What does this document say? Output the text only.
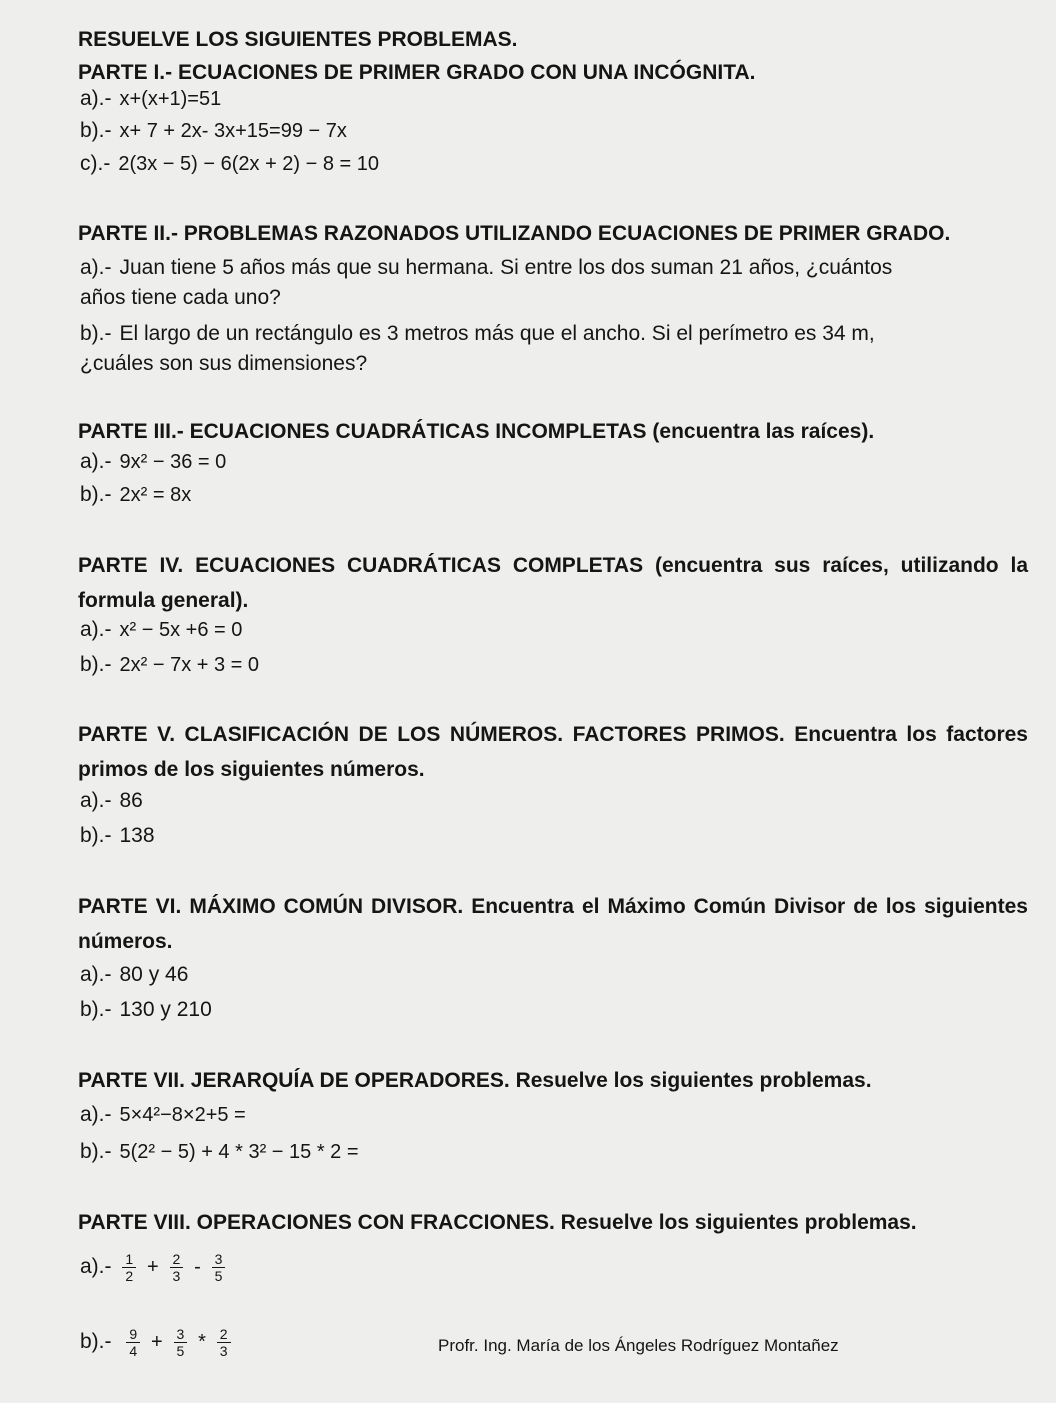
RESUELVE LOS SIGUIENTES PROBLEMAS.
PARTE I.- ECUACIONES DE PRIMER GRADO CON UNA INCÓGNITA.
a).- x+(x+1)=51
b).- x+ 7 + 2x- 3x+15=99 − 7x
c).- 2(3x − 5) − 6(2x + 2) − 8 = 10
PARTE II.- PROBLEMAS RAZONADOS UTILIZANDO ECUACIONES DE PRIMER GRADO.
a).- Juan tiene 5 años más que su hermana. Si entre los dos suman 21 años, ¿cuántos
años tiene cada uno?
b).- El largo de un rectángulo es 3 metros más que el ancho. Si el perímetro es 34 m,
¿cuáles son sus dimensiones?
PARTE III.- ECUACIONES CUADRÁTICAS INCOMPLETAS (encuentra las raíces).
a).- 9x² − 36 = 0
b).- 2x² = 8x
PARTE IV. ECUACIONES CUADRÁTICAS COMPLETAS (encuentra sus raíces, utilizando la formula general).
a).- x² − 5x +6 = 0
b).- 2x² − 7x + 3 = 0
PARTE V. CLASIFICACIÓN DE LOS NÚMEROS. FACTORES PRIMOS. Encuentra los factores primos de los siguientes números.
a).- 86
b).- 138
PARTE VI. MÁXIMO COMÚN DIVISOR. Encuentra el Máximo Común Divisor de los siguientes números.
a).- 80 y 46
b).- 130 y 210
PARTE VII. JERARQUÍA DE OPERADORES. Resuelve los siguientes problemas.
a).- 5×4²−8×2+5 =
b).- 5(2² − 5) + 4 * 3² − 15 * 2 =
PARTE VIII. OPERACIONES CON FRACCIONES. Resuelve los siguientes problemas.
$a).- \frac{1}{2} + \frac{2}{3} - \frac{3}{5}$
$b).- \frac{9}{4} + \frac{3}{5} * \frac{2}{3}$	Profr. Ing. María de los Ángeles Rodríguez Montañez
